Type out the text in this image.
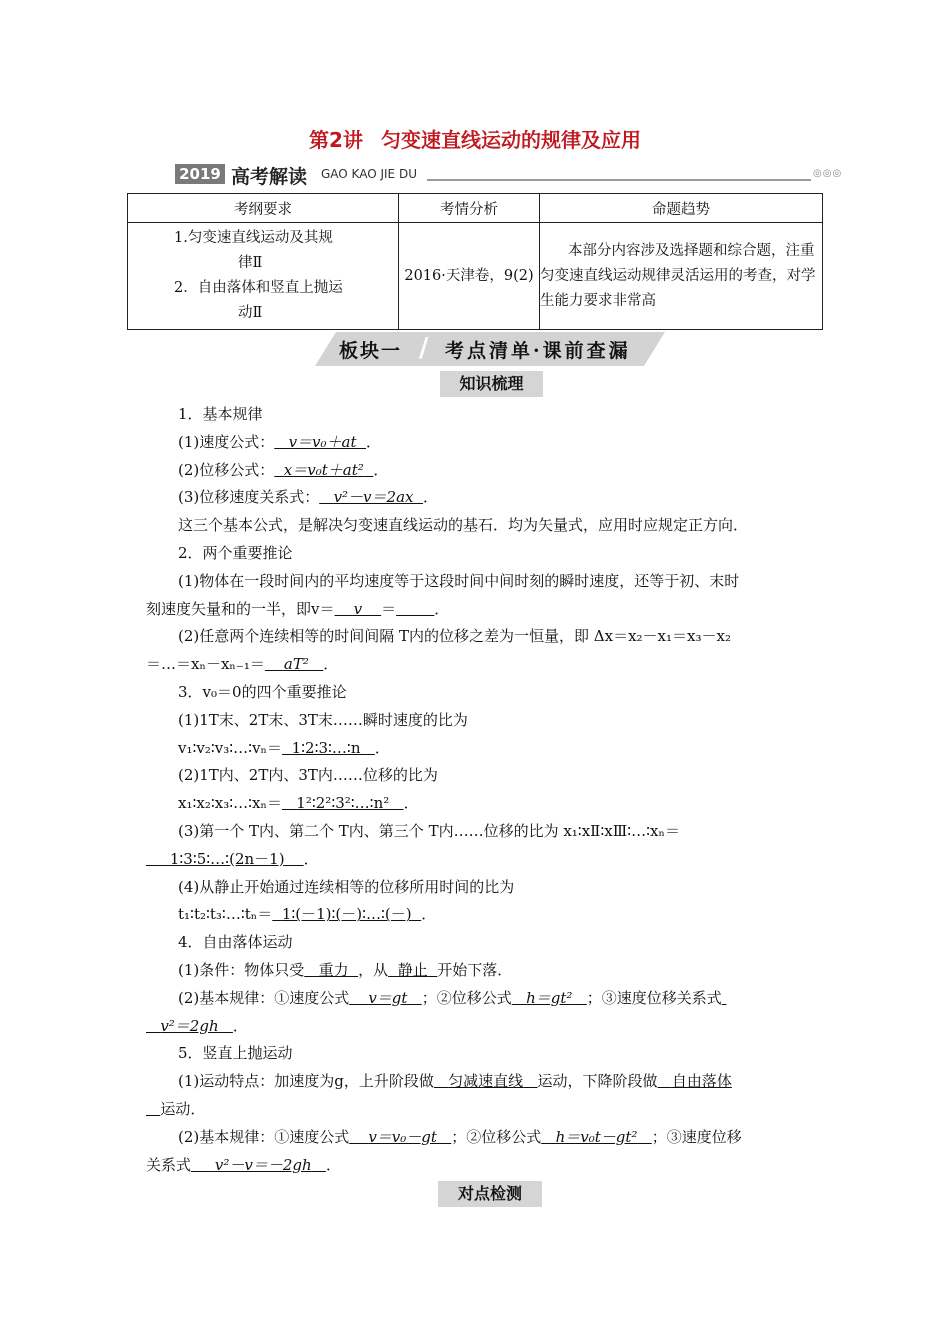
第2讲 匀变速直线运动的规律及应用
2019 高考解读 GAO KAO JIE DU	◎◎◎
考纲要求	考情分析	命题趋势

1.匀变速直线运动及其规
律Ⅱ
2．自由落体和竖直上抛运
动Ⅱ	2016·天津卷，9(2)	本部分内容涉及选择题和综合题，注重匀变速直线运动规律灵活运用的考查，对学生能力要求非常高
板块一 / 考点清单·课前查漏
知识梳理
1．基本规律
(1)速度公式： v＝v₀＋at ．
(2)位移公式： x＝v₀t＋at² ．
(3)位移速度关系式： v²－v＝2ax ．
这三个基本公式，是解决匀变速直线运动的基石．均为矢量式，应用时应规定正方向．
2．两个重要推论
(1)物体在一段时间内的平均速度等于这段时间中间时刻的瞬时速度，还等于初、末时
刻速度矢量和的一半，即v＝ v ＝	．
(2)任意两个连续相等的时间间隔 T内的位移之差为一恒量，即 Δx＝x₂－x₁＝x₃－x₂
＝…＝xₙ－xₙ₋₁＝ aT² ．
3．v₀＝0的四个重要推论
(1)1T末、2T末、3T末……瞬时速度的比为
v₁∶v₂∶v₃∶…∶vₙ＝ 1∶2∶3∶…∶n ．
(2)1T内、2T内、3T内……位移的比为
x₁∶x₂∶x₃∶…∶xₙ＝ 1²∶2²∶3²∶…∶n² ．
(3)第一个 T内、第二个 T内、第三个 T内……位移的比为 x₁∶xⅡ∶xⅢ∶…∶xₙ＝
1∶3∶5∶…∶(2n－1) ．
(4)从静止开始通过连续相等的位移所用时间的比为
t₁∶t₂∶t₃∶…∶tₙ＝ 1∶(－1)∶(－)∶…∶(－) ．
4．自由落体运动
(1)条件：物体只受 重力 ，从 静止 开始下落．
(2)基本规律：①速度公式 v＝gt ；②位移公式 h＝gt² ；③速度位移关系式
v²＝2gh ．
5．竖直上抛运动
(1)运动特点：加速度为g，上升阶段做 匀减速直线 运动，下降阶段做 自由落体
运动．
(2)基本规律：①速度公式 v＝v₀－gt ；②位移公式 h＝v₀t－gt² ；③速度位移
关系式 v²－v＝－2gh ．
对点检测
